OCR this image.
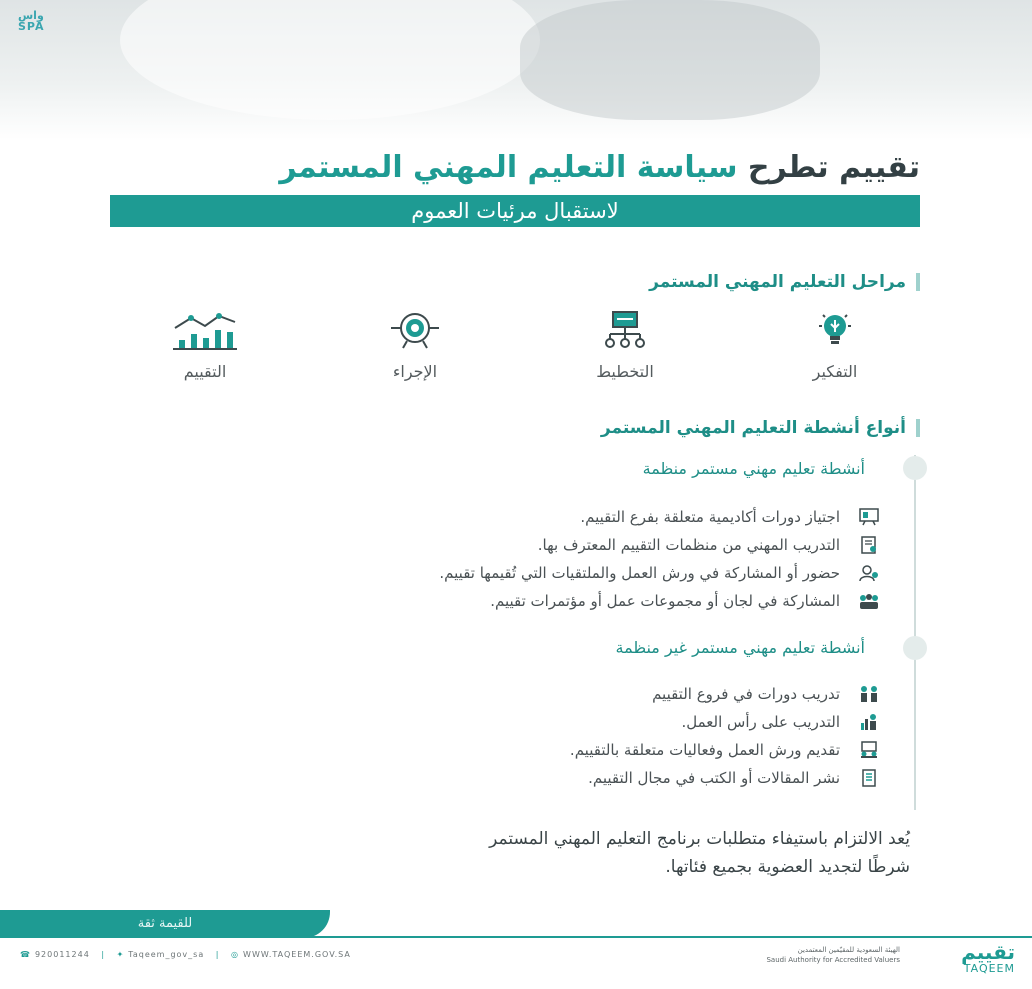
واس SPA
تقييم تطرح سياسة التعليم المهني المستمر
لاستقبال مرئيات العموم
مراحل التعليم المهني المستمر
التفكير
التخطيط
الإجراء
التقييم
أنواع أنشطة التعليم المهني المستمر
أنشطة تعليم مهني مستمر منظمة
اجتياز دورات أكاديمية متعلقة بفرع التقييم.
التدريب المهني من منظمات التقييم المعترف بها.
حضور أو المشاركة في ورش العمل والملتقيات التي تُقيمها تقييم.
المشاركة في لجان أو مجموعات عمل أو مؤتمرات تقييم.
أنشطة تعليم مهني مستمر غير منظمة
تدريب دورات في فروع التقييم
التدريب على رأس العمل.
تقديم ورش العمل وفعاليات متعلقة بالتقييم.
نشر المقالات أو الكتب في مجال التقييم.
يُعد الالتزام باستيفاء متطلبات برنامج التعليم المهني المستمر
شرطًا لتجديد العضوية بجميع فئاتها.
للقيمة ثقة
☎ 920011244 | ✦ Taqeem_gov_sa | ◎ WWW.TAQEEM.GOV.SA	الهيئة السعودية للمقيّمين المعتمدين
Saudi Authority for Accredited Valuers	تقييم
TAQEEM
